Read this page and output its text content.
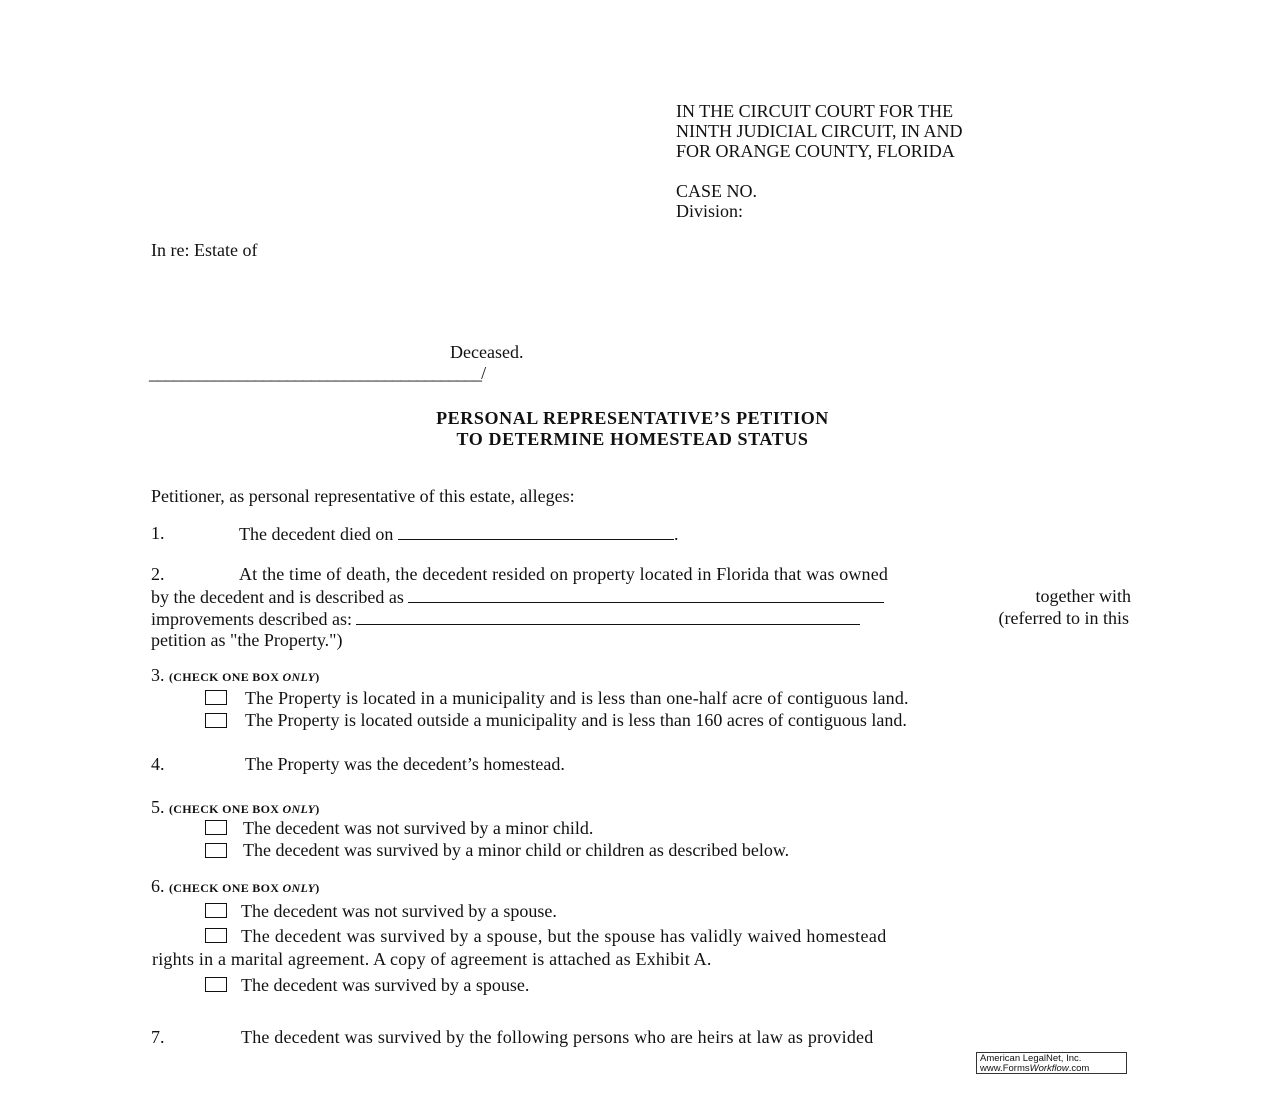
IN THE CIRCUIT COURT FOR THE
NINTH JUDICIAL CIRCUIT, IN AND
FOR ORANGE COUNTY, FLORIDA
CASE NO.
Division:
In re: Estate of
Deceased.
_________________________________________/
PERSONAL REPRESENTATIVE’S PETITION
TO DETERMINE HOMESTEAD STATUS
Petitioner, as personal representative of this estate, alleges:
1.	The decedent died on	.
2.	At the time of death, the decedent resided on property located in Florida that was owned
by the decedent and is described as	together with
improvements described as:	(referred to in this
petition as "the Property.")
3. (CHECK ONE BOX ONLY)
The Property is located in a municipality and is less than one-half acre of contiguous land.
The Property is located outside a municipality and is less than 160 acres of contiguous land.
4.	The Property was the decedent’s homestead.
5. (CHECK ONE BOX ONLY)
The decedent was not survived by a minor child.
The decedent was survived by a minor child or children as described below.
6. (CHECK ONE BOX ONLY)
The decedent was not survived by a spouse.
The decedent was survived by a spouse, but the spouse has validly waived homestead
rights in a marital agreement. A copy of agreement is attached as Exhibit A.
The decedent was survived by a spouse.
7.	The decedent was survived by the following persons who are heirs at law as provided
American LegalNet, Inc.
www.FormsWorkflow.com
